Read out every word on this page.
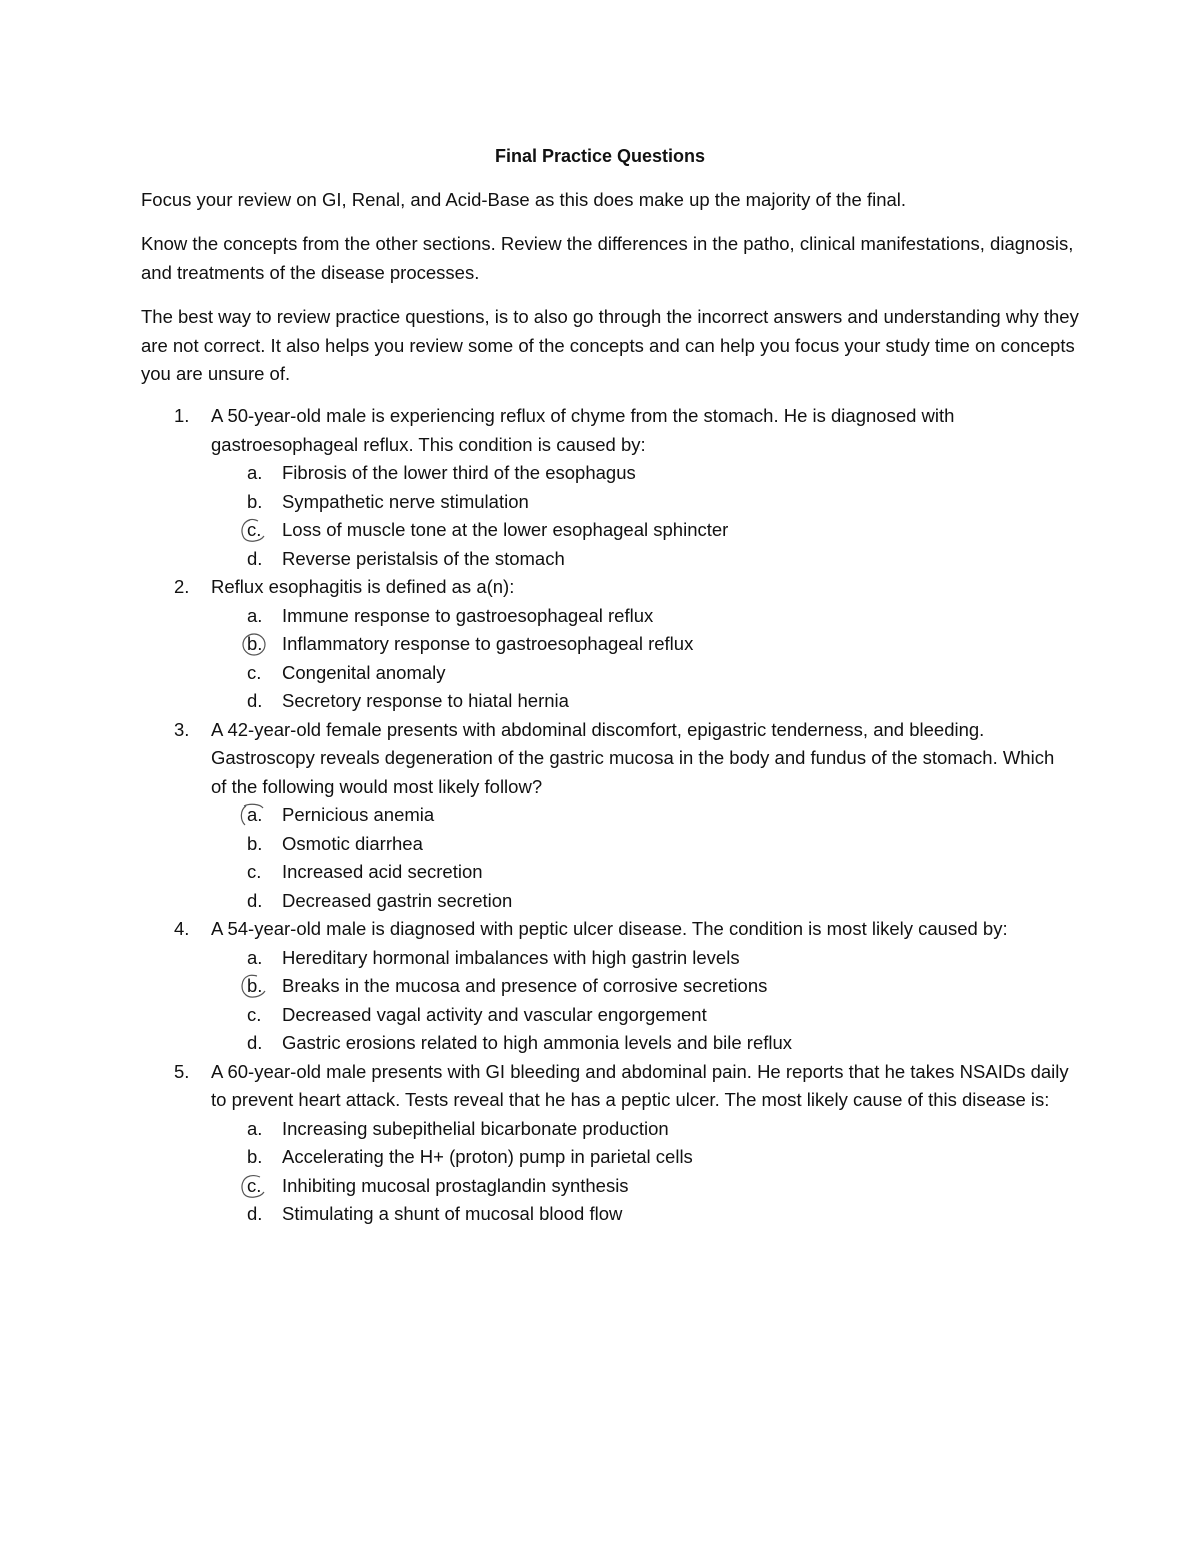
Final Practice Questions

Focus your review on GI, Renal, and Acid-Base as this does make up the majority of the final.

Know the concepts from the other sections. Review the differences in the patho, clinical manifestations, diagnosis, and treatments of the disease processes.

The best way to review practice questions, is to also go through the incorrect answers and understanding why they are not correct. It also helps you review some of the concepts and can help you focus your study time on concepts you are unsure of.

1.	A 50-year-old male is experiencing reflux of chyme from the stomach. He is diagnosed with gastroesophageal reflux. This condition is caused by:
a.	Fibrosis of the lower third of the esophagus
b.	Sympathetic nerve stimulation
c.	Loss of muscle tone at the lower esophageal sphincter
d.	Reverse peristalsis of the stomach
2.	Reflux esophagitis is defined as a(n):
a.	Immune response to gastroesophageal reflux
b.	Inflammatory response to gastroesophageal reflux
c.	Congenital anomaly
d.	Secretory response to hiatal hernia
3.	A 42-year-old female presents with abdominal discomfort, epigastric tenderness, and bleeding. Gastroscopy reveals degeneration of the gastric mucosa in the body and fundus of the stomach. Which of the following would most likely follow?
a.	Pernicious anemia
b.	Osmotic diarrhea
c.	Increased acid secretion
d.	Decreased gastrin secretion
4.	A 54-year-old male is diagnosed with peptic ulcer disease. The condition is most likely caused by:
a.	Hereditary hormonal imbalances with high gastrin levels
b.	Breaks in the mucosa and presence of corrosive secretions
c.	Decreased vagal activity and vascular engorgement
d.	Gastric erosions related to high ammonia levels and bile reflux
5.	A 60-year-old male presents with GI bleeding and abdominal pain. He reports that he takes NSAIDs daily to prevent heart attack. Tests reveal that he has a peptic ulcer. The most likely cause of this disease is:
a.	Increasing subepithelial bicarbonate production
b.	Accelerating the H+ (proton) pump in parietal cells
c.	Inhibiting mucosal prostaglandin synthesis
d.	Stimulating a shunt of mucosal blood flow
